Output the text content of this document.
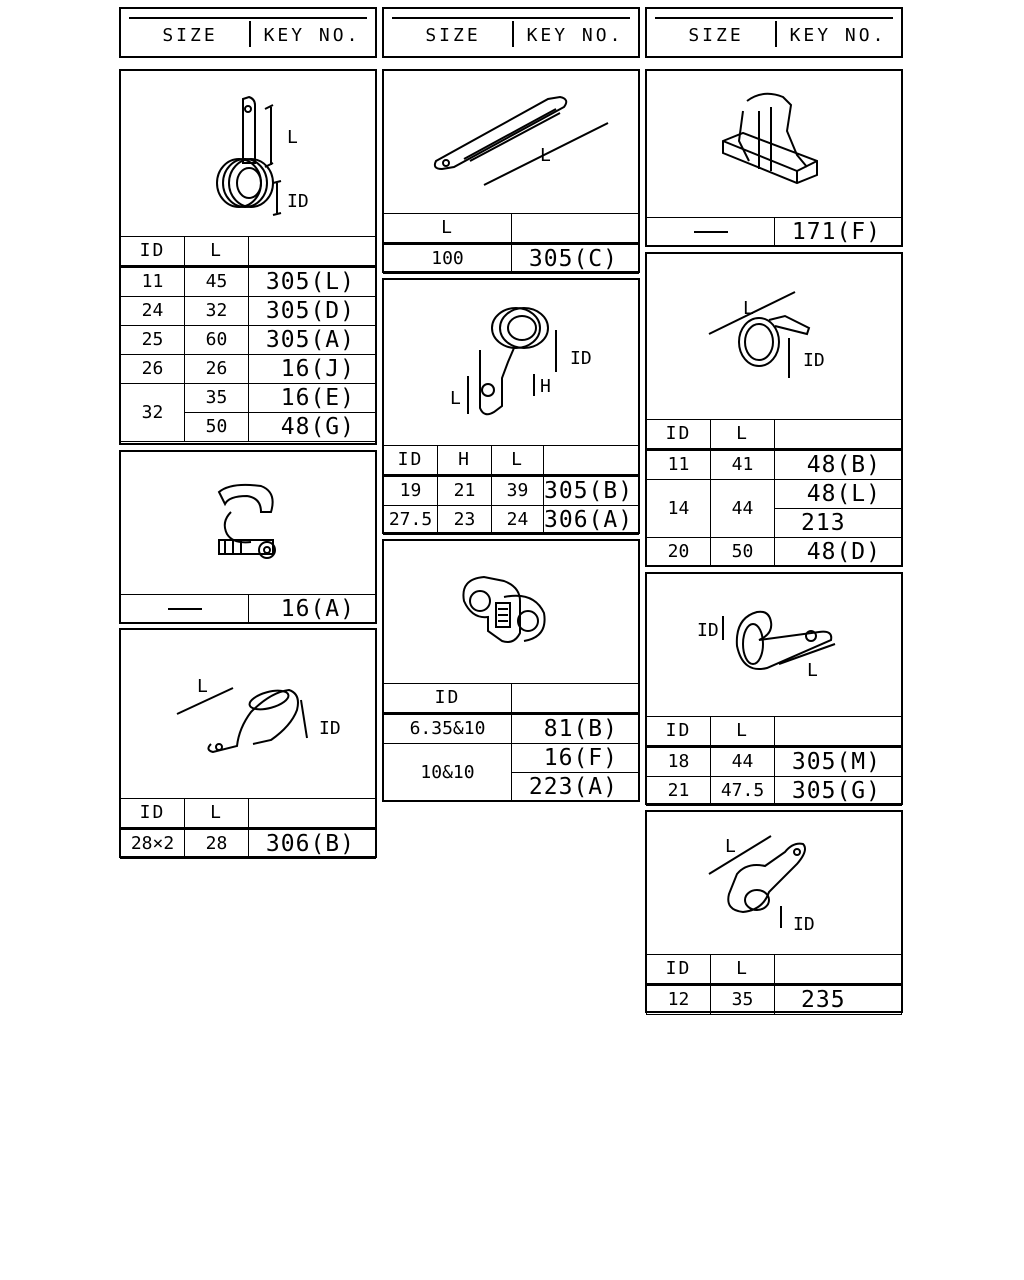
SIZE	KEY NO.	SIZE	KEY NO.	SIZE	KEY NO.
L
ID
ID	L	
11	45	305(L)
24	32	305(D)
25	60	305(A)
26	26	16(J)
32	35	16(E)
	50	48(G)
	16(A)
L
ID
ID	L	
28×2	28	306(B)
L
L	
100	305(C)
ID
H
L
ID	H	L	
19	21	39	305(B)
27.5	23	24	306(A)
ID	
6.35&10	81(B)
10&10	16(F)
	223(A)
	171(F)
L
ID
ID	L	
11	41	48(B)
14	44	48(L)
		213
20	50	48(D)
ID
L
ID	L	
18	44	305(M)
21	47.5	305(G)
L
ID
ID	L	
12	35	235
